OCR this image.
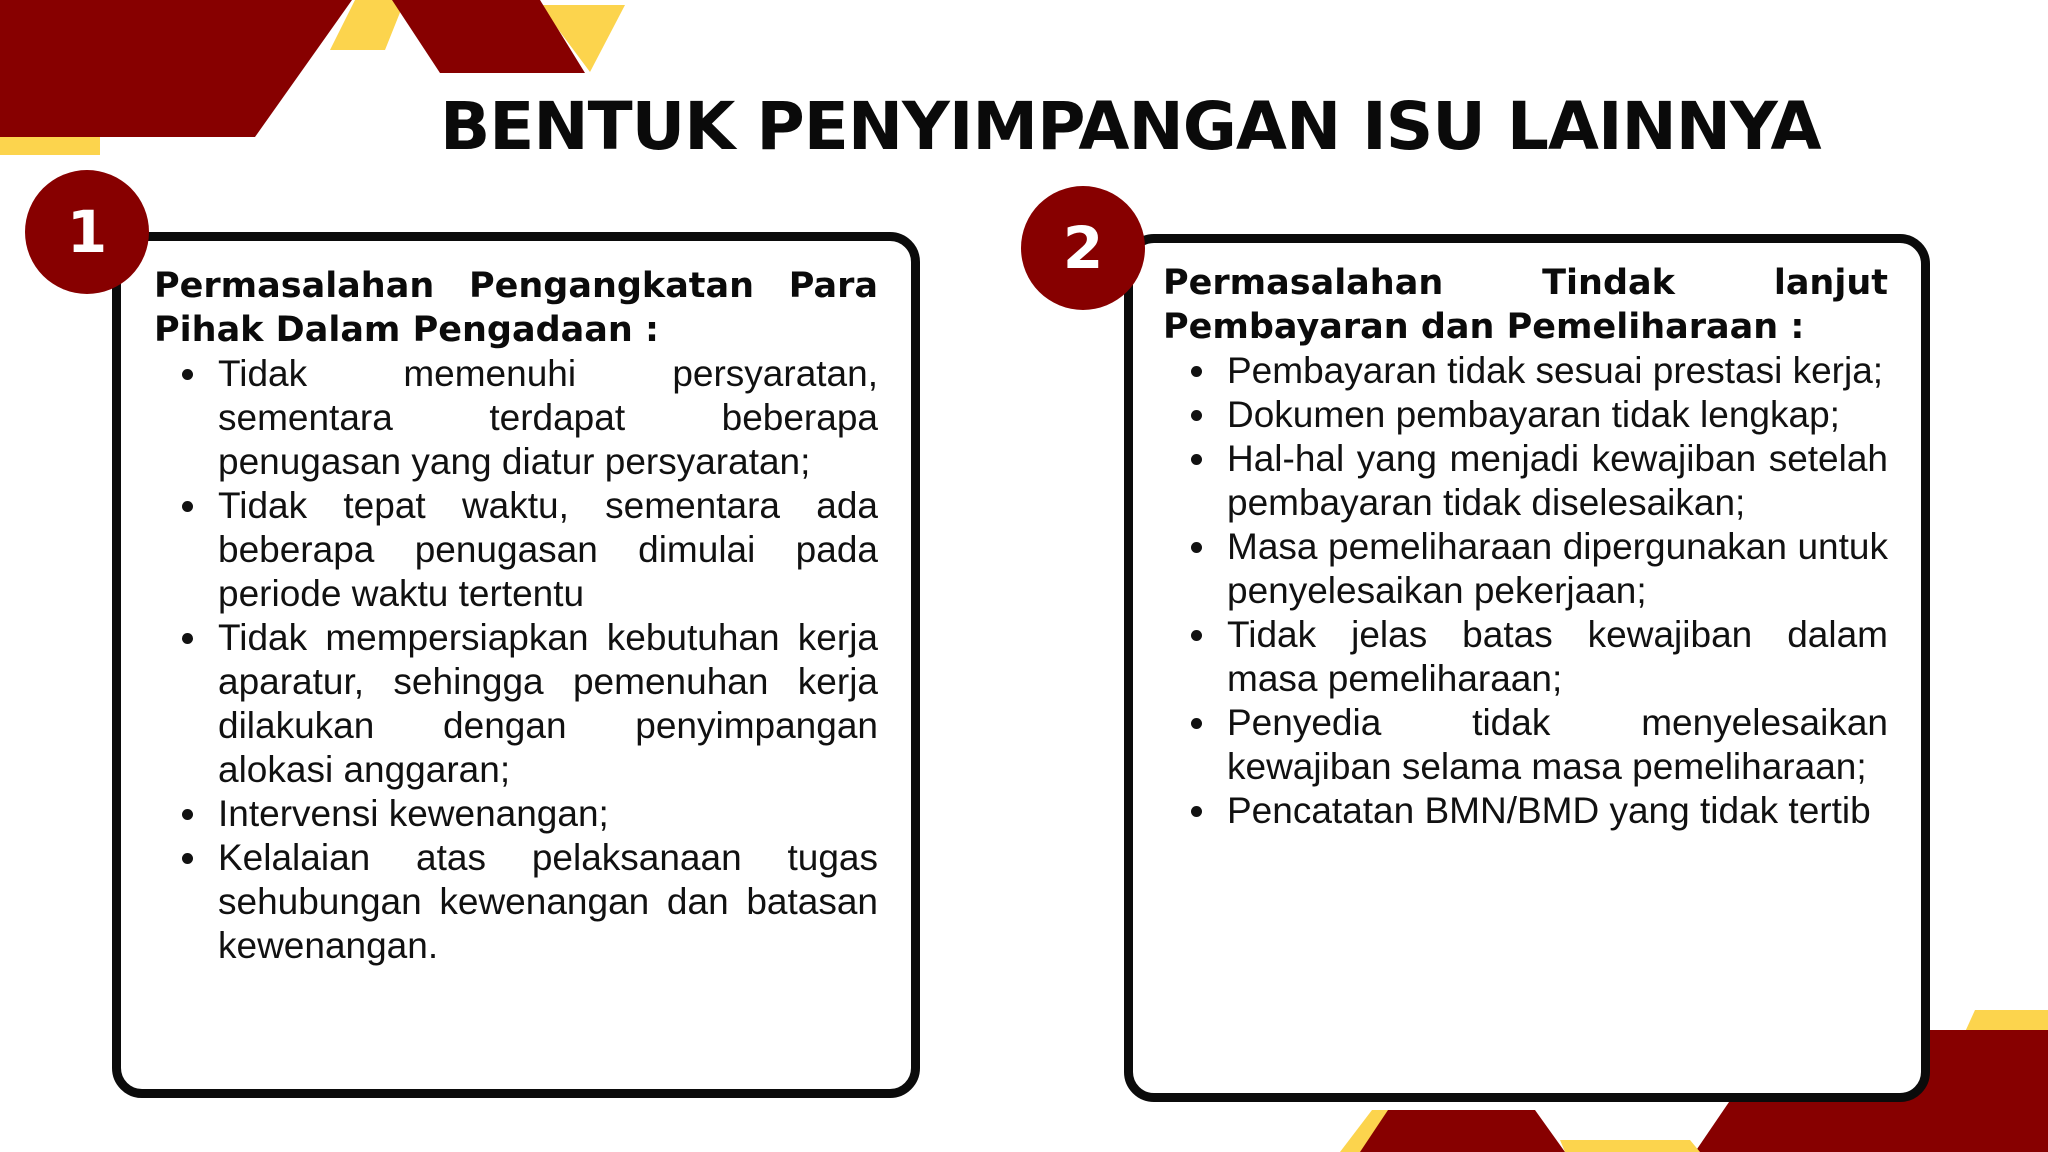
BENTUK PENYIMPANGAN ISU LAINNYA
1	2

Permasalahan Pengangkatan Para Pihak Dalam Pengadaan :

Tidak memenuhi persyaratan, sementara terdapat beberapa penugasan yang diatur persyaratan;
Tidak tepat waktu, sementara ada beberapa penugasan dimulai pada periode waktu tertentu
Tidak mempersiapkan kebutuhan kerja aparatur, sehingga pemenuhan kerja dilakukan dengan penyimpangan alokasi anggaran;
Intervensi kewenangan;
Kelalaian atas pelaksanaan tugas sehubungan kewenangan dan batasan kewenangan.

Permasalahan Tindak lanjut Pembayaran dan Pemeliharaan :

Pembayaran tidak sesuai prestasi kerja;
Dokumen pembayaran tidak lengkap;
Hal-hal yang menjadi kewajiban setelah pembayaran tidak diselesaikan;
Masa pemeliharaan dipergunakan untuk penyelesaikan pekerjaan;
Tidak jelas batas kewajiban dalam masa pemeliharaan;
Penyedia tidak menyelesaikan kewajiban selama masa pemeliharaan;
Pencatatan BMN/BMD yang tidak tertib
